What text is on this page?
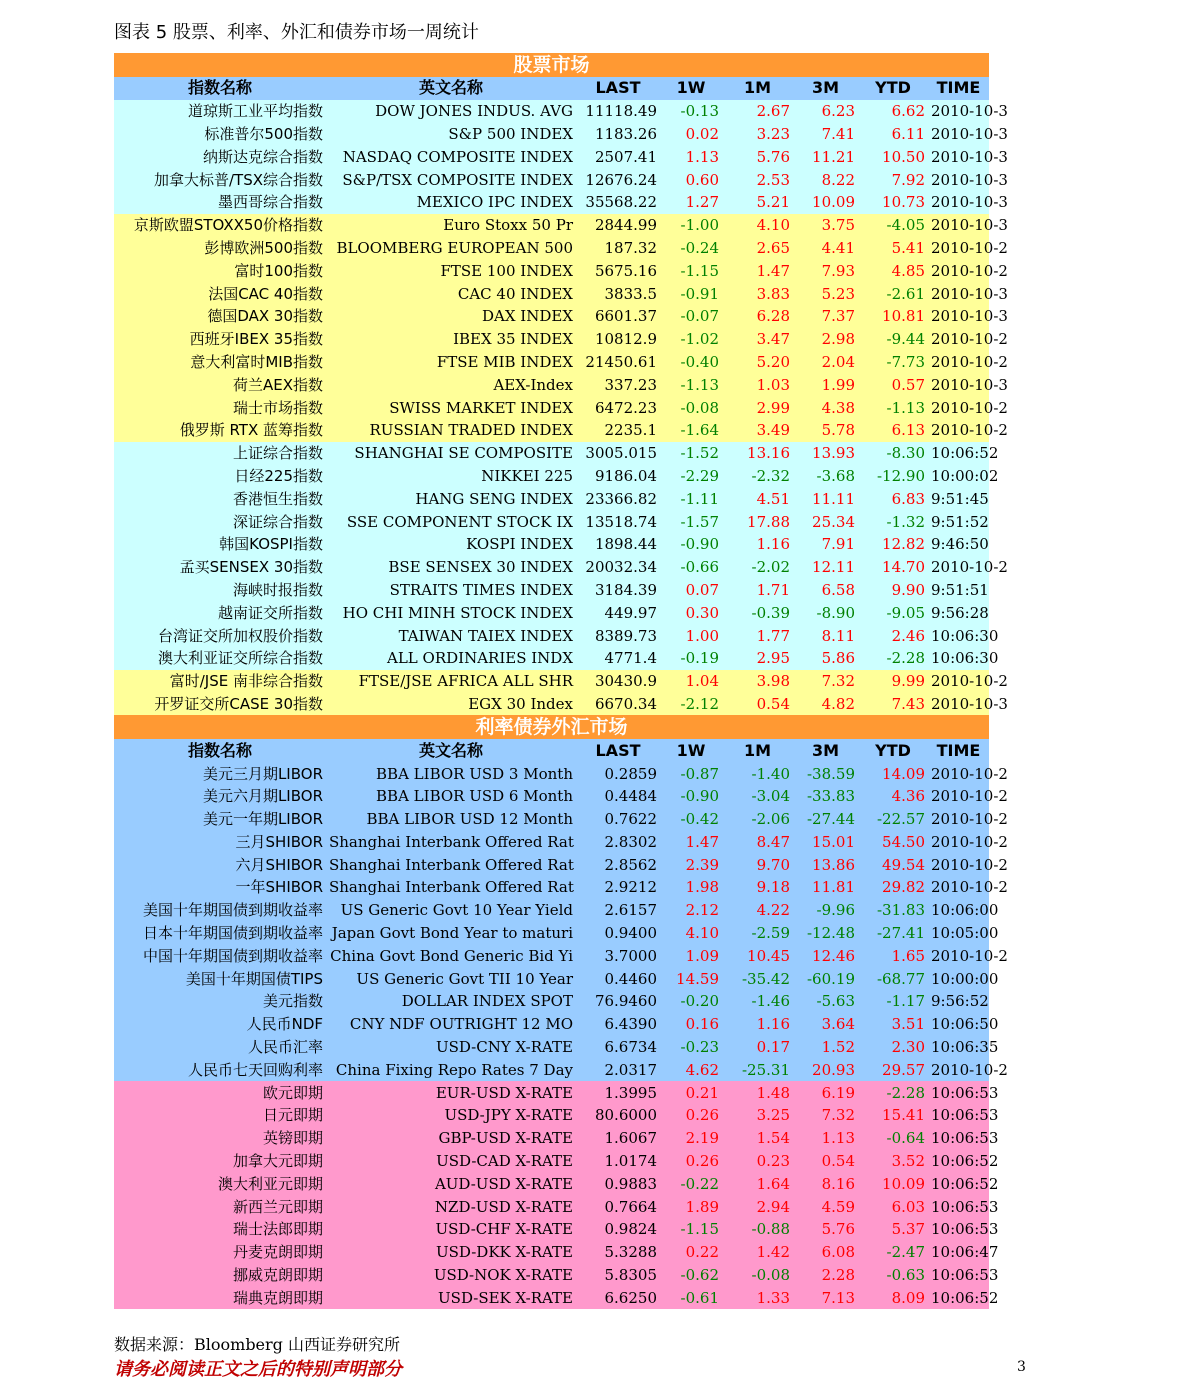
图表 5 股票、利率、外汇和债券市场一周统计
股票市场							
指数名称	英文名称	LAST	1W	1M	3M	YTD	TIME
道琼斯工业平均指数	DOW JONES INDUS. AVG	11118.49	-0.13	2.67	6.23	6.62	2010-10-3
标准普尔500指数	S&P 500 INDEX	1183.26	0.02	3.23	7.41	6.11	2010-10-3
纳斯达克综合指数	NASDAQ COMPOSITE INDEX	2507.41	1.13	5.76	11.21	10.50	2010-10-3
加拿大标普/TSX综合指数	S&P/TSX COMPOSITE INDEX	12676.24	0.60	2.53	8.22	7.92	2010-10-3
墨西哥综合指数	MEXICO IPC INDEX	35568.22	1.27	5.21	10.09	10.73	2010-10-3
京斯欧盟STOXX50价格指数	Euro Stoxx 50 Pr	2844.99	-1.00	4.10	3.75	-4.05	2010-10-3
彭博欧洲500指数	BLOOMBERG EUROPEAN 500	187.32	-0.24	2.65	4.41	5.41	2010-10-2
富时100指数	FTSE 100 INDEX	5675.16	-1.15	1.47	7.93	4.85	2010-10-2
法国CAC 40指数	CAC 40 INDEX	3833.5	-0.91	3.83	5.23	-2.61	2010-10-3
德国DAX 30指数	DAX INDEX	6601.37	-0.07	6.28	7.37	10.81	2010-10-3
西班牙IBEX 35指数	IBEX 35 INDEX	10812.9	-1.02	3.47	2.98	-9.44	2010-10-2
意大利富时MIB指数	FTSE MIB INDEX	21450.61	-0.40	5.20	2.04	-7.73	2010-10-2
荷兰AEX指数	AEX-Index	337.23	-1.13	1.03	1.99	0.57	2010-10-3
瑞士市场指数	SWISS MARKET INDEX	6472.23	-0.08	2.99	4.38	-1.13	2010-10-2
俄罗斯 RTX 蓝筹指数	RUSSIAN TRADED INDEX	2235.1	-1.64	3.49	5.78	6.13	2010-10-2
上证综合指数	SHANGHAI SE COMPOSITE	3005.015	-1.52	13.16	13.93	-8.30	10:06:52
日经225指数	NIKKEI 225	9186.04	-2.29	-2.32	-3.68	-12.90	10:00:02
香港恒生指数	HANG SENG INDEX	23366.82	-1.11	4.51	11.11	6.83	9:51:45
深证综合指数	SSE COMPONENT STOCK IX	13518.74	-1.57	17.88	25.34	-1.32	9:51:52
韩国KOSPI指数	KOSPI INDEX	1898.44	-0.90	1.16	7.91	12.82	9:46:50
孟买SENSEX 30指数	BSE SENSEX 30 INDEX	20032.34	-0.66	-2.02	12.11	14.70	2010-10-2
海峡时报指数	STRAITS TIMES INDEX	3184.39	0.07	1.71	6.58	9.90	9:51:51
越南证交所指数	HO CHI MINH STOCK INDEX	449.97	0.30	-0.39	-8.90	-9.05	9:56:28
台湾证交所加权股价指数	TAIWAN TAIEX INDEX	8389.73	1.00	1.77	8.11	2.46	10:06:30
澳大利亚证交所综合指数	ALL ORDINARIES INDX	4771.4	-0.19	2.95	5.86	-2.28	10:06:30
富时/JSE 南非综合指数	FTSE/JSE AFRICA ALL SHR	30430.9	1.04	3.98	7.32	9.99	2010-10-2
开罗证交所CASE 30指数	EGX 30 Index	6670.34	-2.12	0.54	4.82	7.43	2010-10-3
利率债券外汇市场							
指数名称	英文名称	LAST	1W	1M	3M	YTD	TIME
美元三月期LIBOR	BBA LIBOR USD 3 Month	0.2859	-0.87	-1.40	-38.59	14.09	2010-10-2
美元六月期LIBOR	BBA LIBOR USD 6 Month	0.4484	-0.90	-3.04	-33.83	4.36	2010-10-2
美元一年期LIBOR	BBA LIBOR USD 12 Month	0.7622	-0.42	-2.06	-27.44	-22.57	2010-10-2
三月SHIBOR	Shanghai Interbank Offered Rat	2.8302	1.47	8.47	15.01	54.50	2010-10-2
六月SHIBOR	Shanghai Interbank Offered Rat	2.8562	2.39	9.70	13.86	49.54	2010-10-2
一年SHIBOR	Shanghai Interbank Offered Rat	2.9212	1.98	9.18	11.81	29.82	2010-10-2
美国十年期国债到期收益率	US Generic Govt 10 Year Yield	2.6157	2.12	4.22	-9.96	-31.83	10:06:00
日本十年期国债到期收益率	Japan Govt Bond Year to maturi	0.9400	4.10	-2.59	-12.48	-27.41	10:05:00
中国十年期国债到期收益率	China Govt Bond Generic Bid Yi	3.7000	1.09	10.45	12.46	1.65	2010-10-2
美国十年期国债TIPS	US Generic Govt TII 10 Year	0.4460	14.59	-35.42	-60.19	-68.77	10:00:00
美元指数	DOLLAR INDEX SPOT	76.9460	-0.20	-1.46	-5.63	-1.17	9:56:52
人民币NDF	CNY NDF OUTRIGHT 12 MO	6.4390	0.16	1.16	3.64	3.51	10:06:50
人民币汇率	USD-CNY X-RATE	6.6734	-0.23	0.17	1.52	2.30	10:06:35
人民币七天回购利率	China Fixing Repo Rates 7 Day	2.0317	4.62	-25.31	20.93	29.57	2010-10-2
欧元即期	EUR-USD X-RATE	1.3995	0.21	1.48	6.19	-2.28	10:06:53
日元即期	USD-JPY X-RATE	80.6000	0.26	3.25	7.32	15.41	10:06:53
英镑即期	GBP-USD X-RATE	1.6067	2.19	1.54	1.13	-0.64	10:06:53
加拿大元即期	USD-CAD X-RATE	1.0174	0.26	0.23	0.54	3.52	10:06:52
澳大利亚元即期	AUD-USD X-RATE	0.9883	-0.22	1.64	8.16	10.09	10:06:52
新西兰元即期	NZD-USD X-RATE	0.7664	1.89	2.94	4.59	6.03	10:06:53
瑞士法郎即期	USD-CHF X-RATE	0.9824	-1.15	-0.88	5.76	5.37	10:06:53
丹麦克朗即期	USD-DKK X-RATE	5.3288	0.22	1.42	6.08	-2.47	10:06:47
挪威克朗即期	USD-NOK X-RATE	5.8305	-0.62	-0.08	2.28	-0.63	10:06:53
瑞典克朗即期	USD-SEK X-RATE	6.6250	-0.61	1.33	7.13	8.09	10:06:52
数据来源：Bloomberg 山西证券研究所
请务必阅读正文之后的特别声明部分	3
